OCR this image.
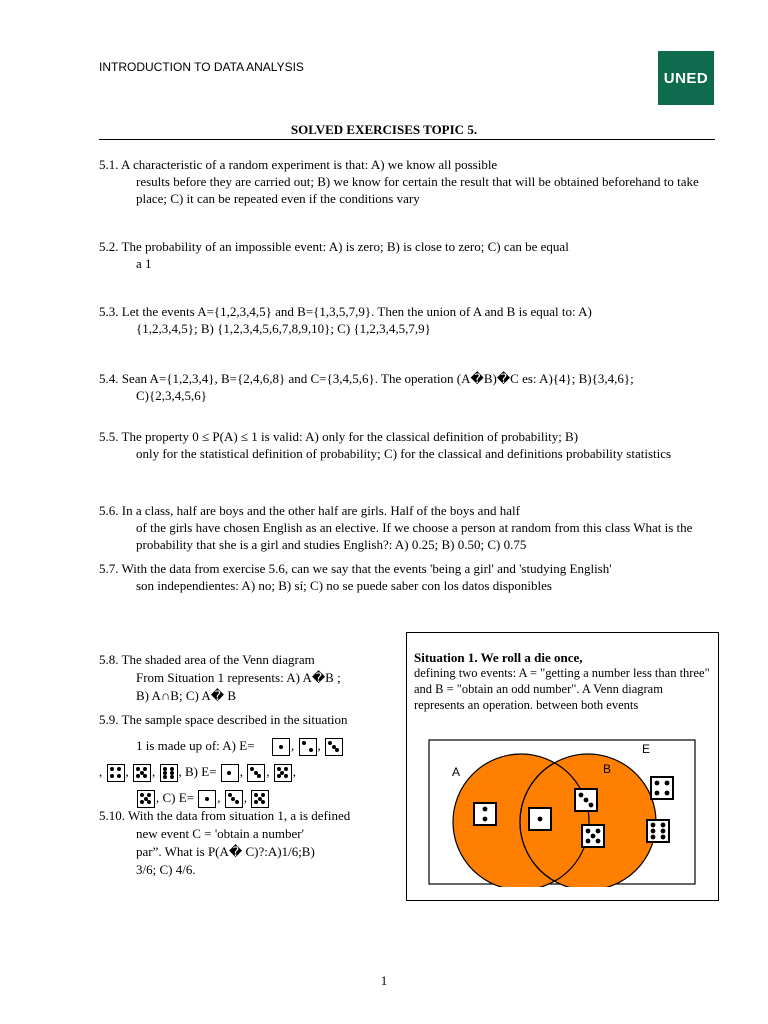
INTRODUCTION TO DATA ANALYSIS
UNED
SOLVED EXERCISES TOPIC 5.
5.1. A characteristic of a random experiment is that: A) we know all possible
results before they are carried out; B) we know for certain the result that will be obtained beforehand to take place; C) it can be repeated even if the conditions vary
5.2. The probability of an impossible event: A) is zero; B) is close to zero; C) can be equal
a 1
5.3. Let the events A={1,2,3,4,5} and B={1,3,5,7,9}. Then the union of A and B is equal to: A)
{1,2,3,4,5}; B) {1,2,3,4,5,6,7,8,9,10}; C) {1,2,3,4,5,7,9}
5.4. Sean A={1,2,3,4}, B={2,4,6,8} and C={3,4,5,6}. The operation (A�B)�C es: A){4}; B){3,4,6};
C){2,3,4,5,6}
5.5. The property 0 ≤ P(A) ≤ 1 is valid: A) only for the classical definition of probability; B)
only for the statistical definition of probability; C) for the classical and definitions probability statistics
5.6. In a class, half are boys and the other half are girls. Half of the boys and half
of the girls have chosen English as an elective. If we choose a person at random from this class What is the probability that she is a girl and studies English?: A) 0.25; B) 0.50; C) 0.75
5.7. With the data from exercise 5.6, can we say that the events 'being a girl' and 'studying English'
son independientes: A) no; B) sí; C) no se puede saber con los datos disponibles
5.8. The shaded area of the Venn diagram
From Situation 1 represents: A) A�B ;
B) A∩B; C) A� B
5.9. The sample space described in the situation
1 is made up of: A) E=	,
,

,
,
,
, B) E= ,
,
,

, C) E= ,
,
5.10. With the data from situation 1, a is defined
new event C = 'obtain a number'
par”. What is P(A� C)?:A)1/6;B)
3/6; C) 4/6.
Situation 1. We roll a die once,
defining two events: A = "getting a number less than three" and B = "obtain an odd number". A Venn diagram represents an operation. between both events
E
A	B
1
